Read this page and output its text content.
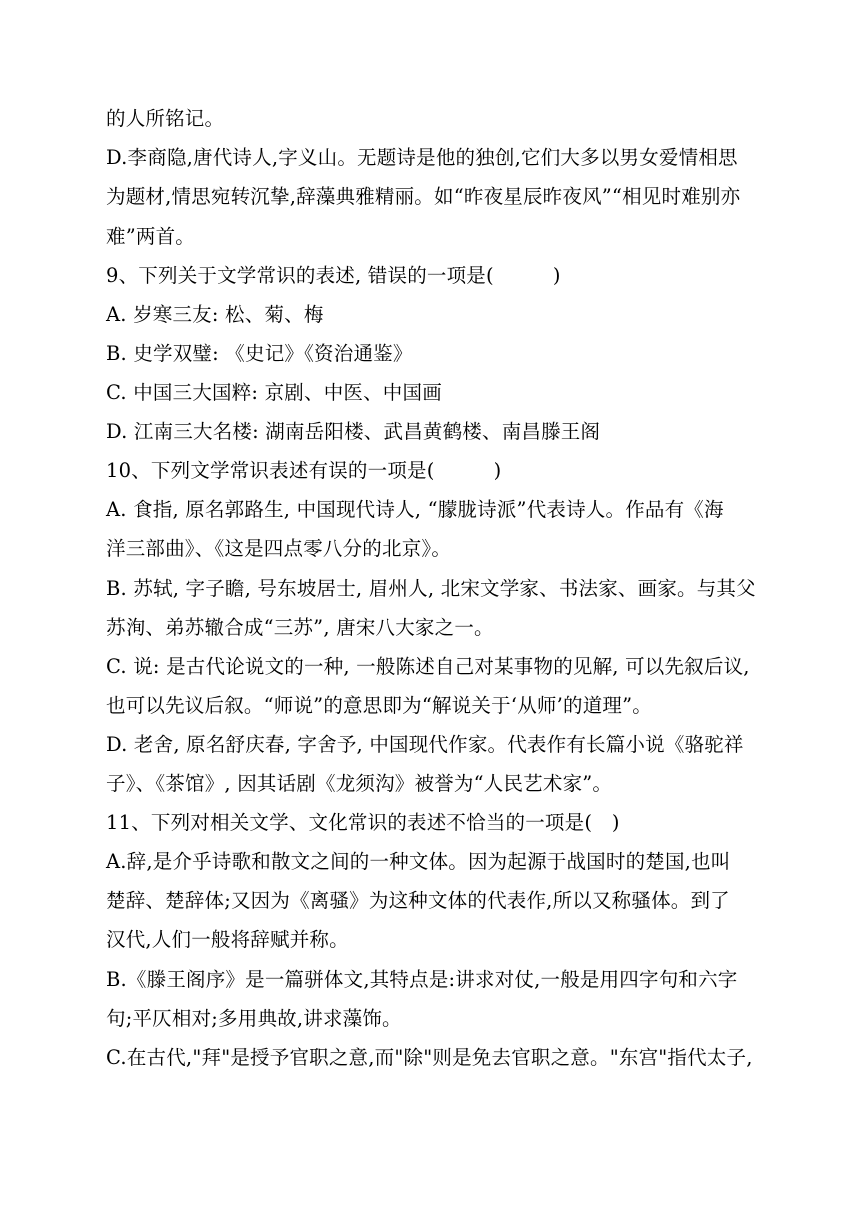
的人所铭记。
D.李商隐,唐代诗人,字义山。无题诗是他的独创,它们大多以男女爱情相思
为题材,情思宛转沉挚,辞藻典雅精丽。如“昨夜星辰昨夜风”“相见时难别亦
难”两首。
9、下列关于文学常识的表述, 错误的一项是(　　　)
A. 岁寒三友: 松、菊、梅
B. 史学双璧: 《史记》《资治通鉴》
C. 中国三大国粹: 京剧、中医、中国画
D. 江南三大名楼: 湖南岳阳楼、武昌黄鹤楼、南昌滕王阁
10、下列文学常识表述有误的一项是(　　　)
A. 食指, 原名郭路生, 中国现代诗人, “朦胧诗派”代表诗人。作品有《海
洋三部曲》、《这是四点零八分的北京》。
B. 苏轼, 字子瞻, 号东坡居士, 眉州人, 北宋文学家、书法家、画家。与其父
苏洵、弟苏辙合成“三苏”, 唐宋八大家之一。
C. 说: 是古代论说文的一种, 一般陈述自己对某事物的见解, 可以先叙后议,
也可以先议后叙。“师说”的意思即为“解说关于‘从师’的道理”。
D. 老舍, 原名舒庆春, 字舍予, 中国现代作家。代表作有长篇小说《骆驼祥
子》、《茶馆》, 因其话剧《龙须沟》被誉为“人民艺术家”。
11、下列对相关文学、文化常识的表述不恰当的一项是(　)
A.辞,是介乎诗歌和散文之间的一种文体。因为起源于战国时的楚国,也叫
楚辞、楚辞体;又因为《离骚》为这种文体的代表作,所以又称骚体。到了
汉代,人们一般将辞赋并称。
B.《滕王阁序》是一篇骈体文,其特点是:讲求对仗,一般是用四字句和六字
句;平仄相对;多用典故,讲求藻饰。
C.在古代,"拜"是授予官职之意,而"除"则是免去官职之意。"东宫"指代太子,
